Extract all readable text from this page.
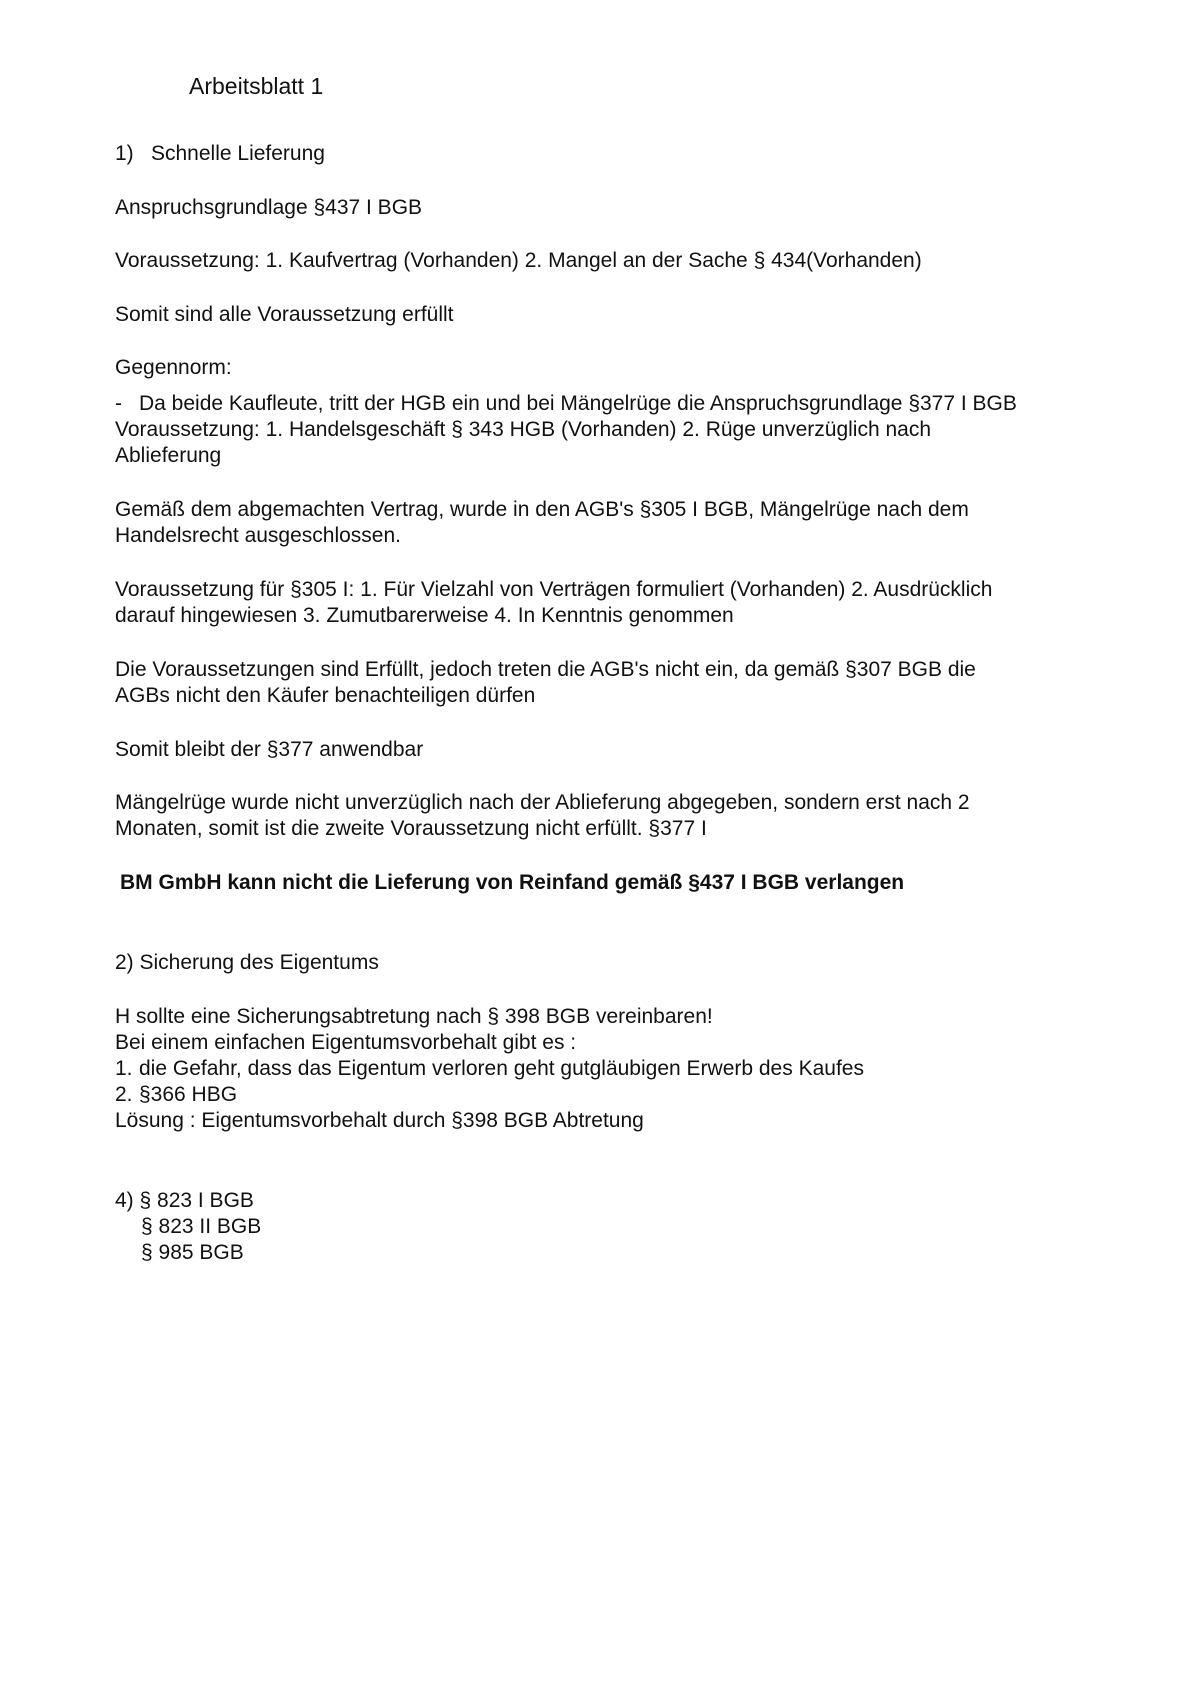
Arbeitsblatt 1

1) Schnelle Lieferung

Anspruchsgrundlage §437 I BGB

Voraussetzung: 1. Kaufvertrag (Vorhanden) 2. Mangel an der Sache § 434(Vorhanden)

Somit sind alle Voraussetzung erfüllt

Gegennorm:

- Da beide Kaufleute, tritt der HGB ein und bei Mängelrüge die Anspruchsgrundlage §377 I BGB

Voraussetzung: 1. Handelsgeschäft § 343 HGB (Vorhanden) 2. Rüge unverzüglich nach

Ablieferung

Gemäß dem abgemachten Vertrag, wurde in den AGB's §305 I BGB, Mängelrüge nach dem

Handelsrecht ausgeschlossen.

Voraussetzung für §305 I: 1. Für Vielzahl von Verträgen formuliert (Vorhanden) 2. Ausdrücklich

darauf hingewiesen 3. Zumutbarerweise 4. In Kenntnis genommen

Die Voraussetzungen sind Erfüllt, jedoch treten die AGB's nicht ein, da gemäß §307 BGB die

AGBs nicht den Käufer benachteiligen dürfen

Somit bleibt der §377 anwendbar

Mängelrüge wurde nicht unverzüglich nach der Ablieferung abgegeben, sondern erst nach 2

Monaten, somit ist die zweite Voraussetzung nicht erfüllt. §377 I

BM GmbH kann nicht die Lieferung von Reinfand gemäß §437 I BGB verlangen

2) Sicherung des Eigentums

H sollte eine Sicherungsabtretung nach § 398 BGB vereinbaren!

Bei einem einfachen Eigentumsvorbehalt gibt es :

1. die Gefahr, dass das Eigentum verloren geht gutgläubigen Erwerb des Kaufes

2. §366 HBG

Lösung : Eigentumsvorbehalt durch §398 BGB Abtretung

4) § 823 I BGB

§ 823 II BGB

§ 985 BGB
